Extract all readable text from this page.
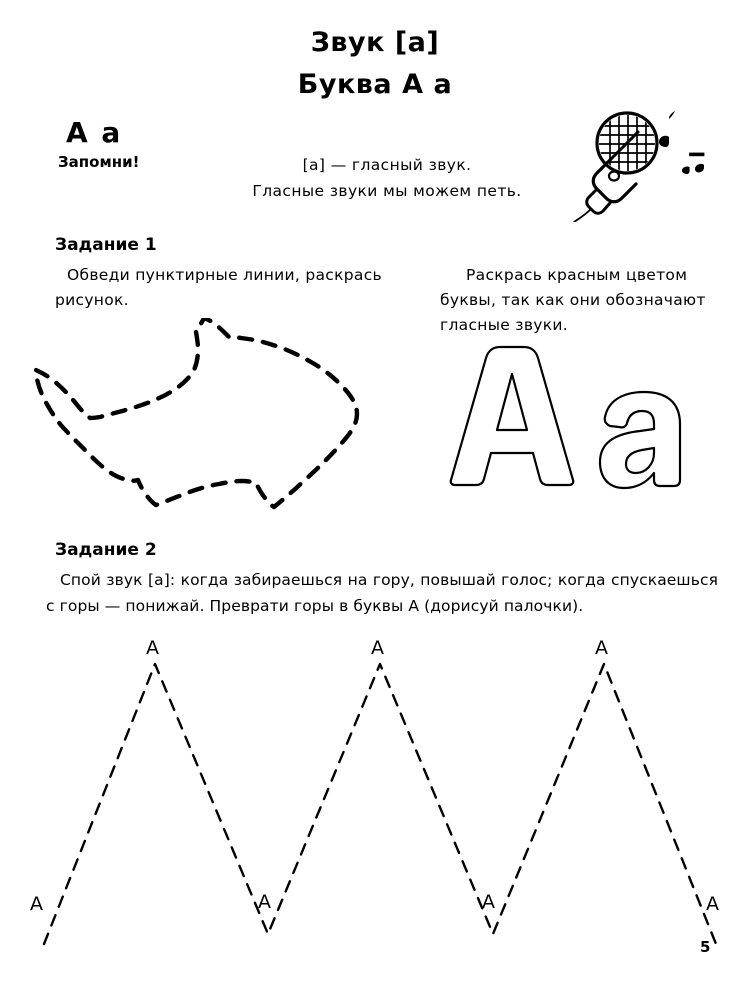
Звук [а]
Буква А а
А а
Запомни!	[а] — гласный звук.
Гласные звуки мы можем петь.
Задание 1
Обведи пунктирные линии, раскрась рисунок.
Раскрась красным цветом буквы, так как они обозначают гласные звуки.
Задание 2
Спой звук [а]: когда забираешься на гору, повышай голос; когда спускаешься с горы — понижай. Преврати горы в буквы А (дорисуй палочки).
А
А
А
А
А
А
А
5
